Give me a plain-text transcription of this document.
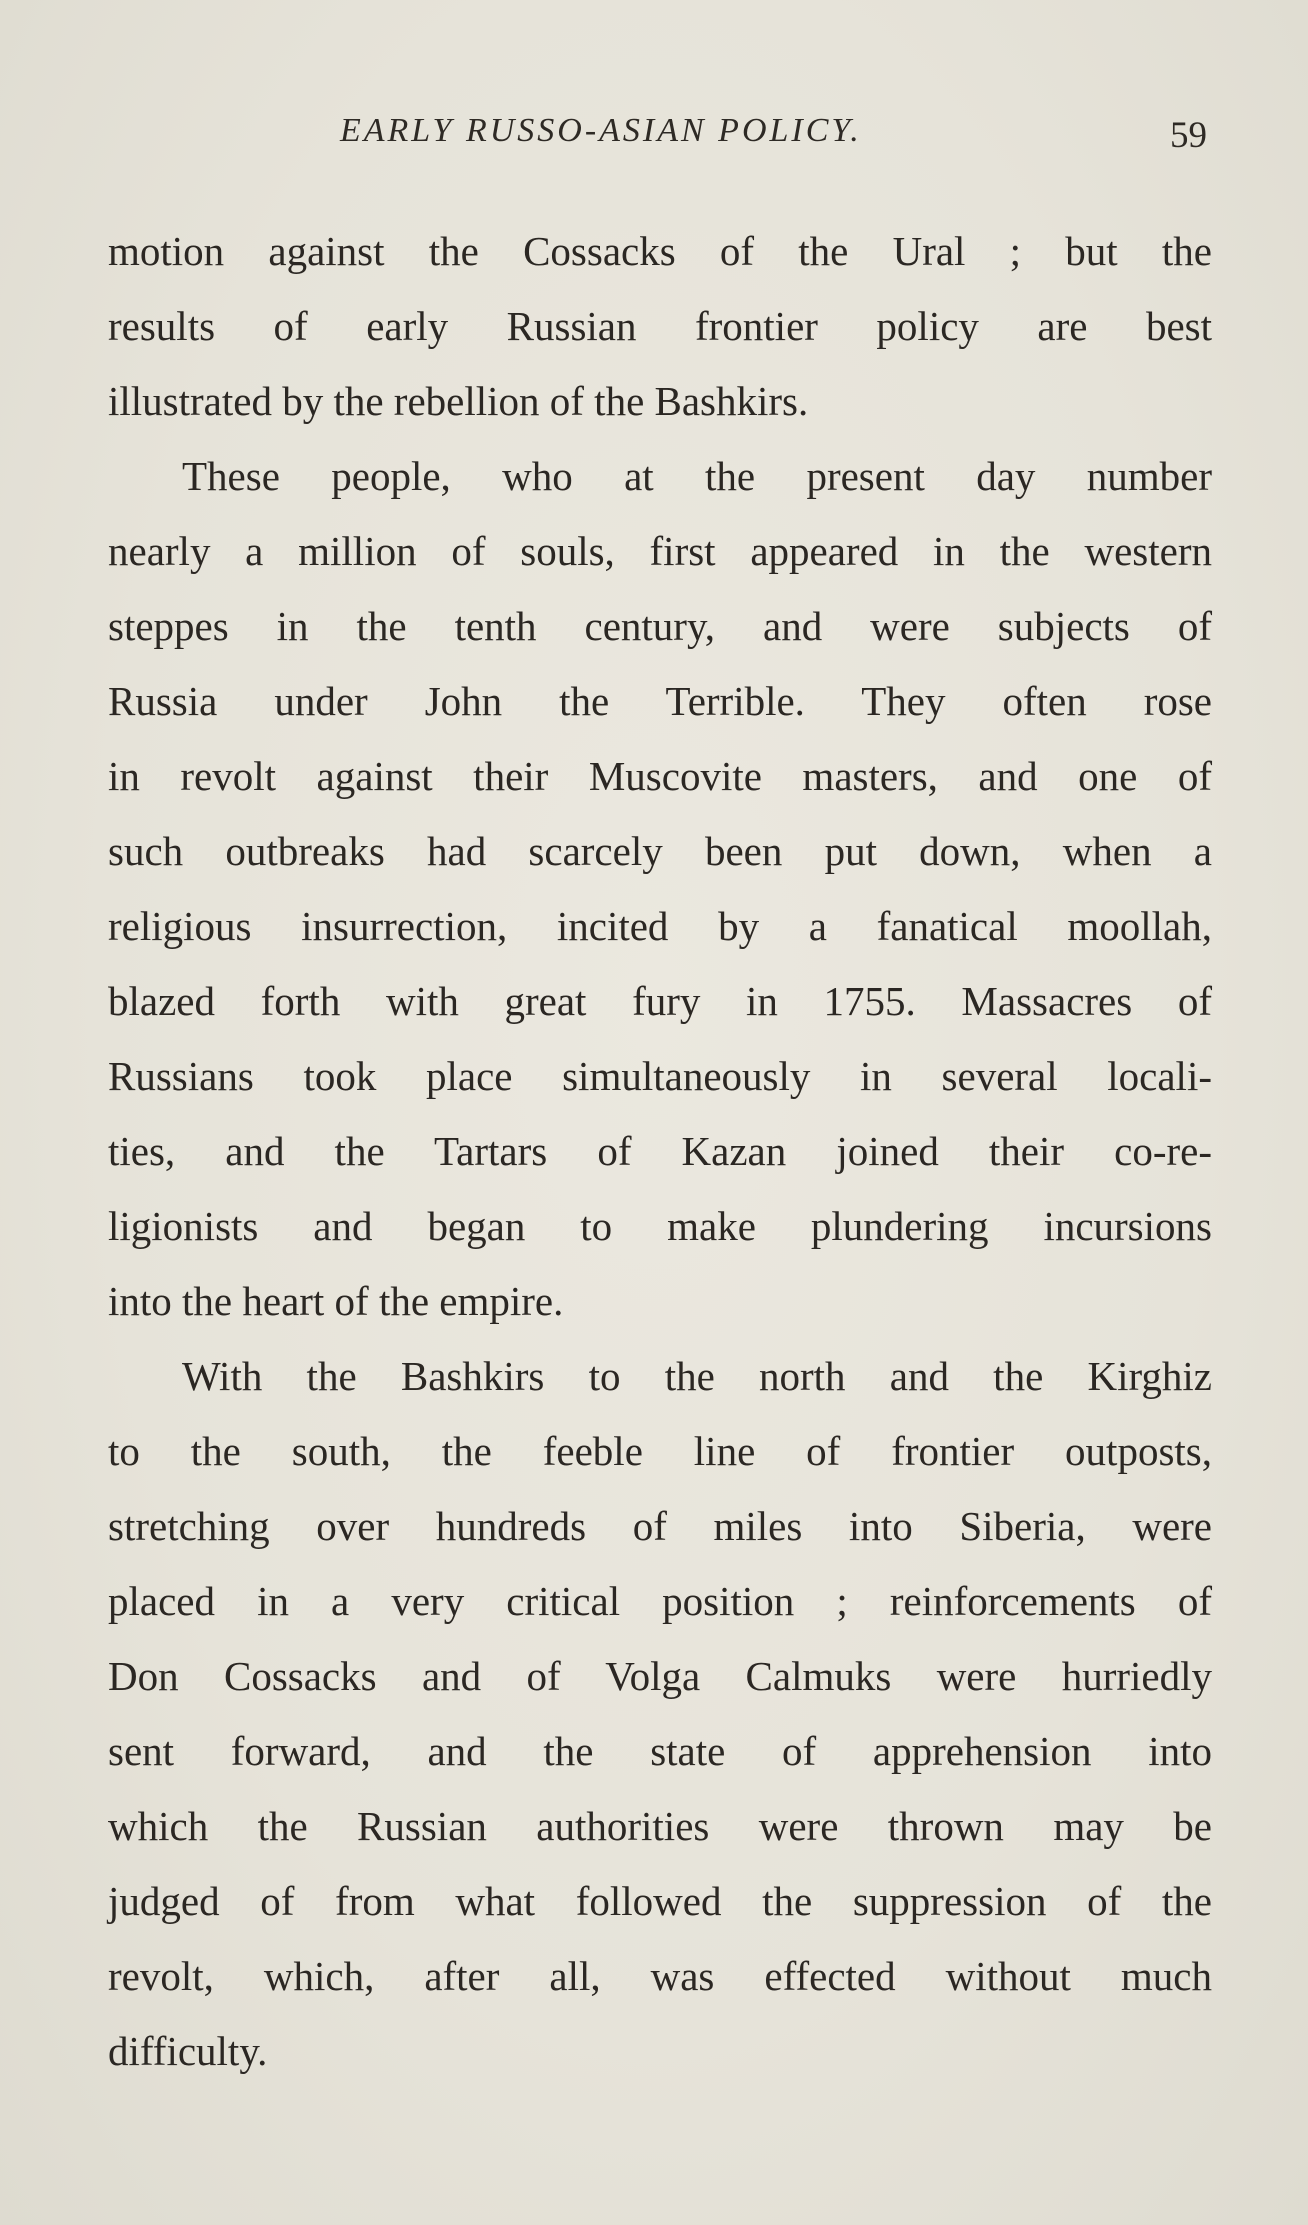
EARLY RUSSO-ASIAN POLICY.	59
motion against the Cossacks of the Ural ; but the
results of early Russian frontier policy are best
illustrated by the rebellion of the Bashkirs.
These people, who at the present day number
nearly a million of souls, first appeared in the western
steppes in the tenth century, and were subjects of
Russia under John the Terrible. They often rose
in revolt against their Muscovite masters, and one of
such outbreaks had scarcely been put down, when a
religious insurrection, incited by a fanatical moollah,
blazed forth with great fury in 1755. Massacres of
Russians took place simultaneously in several locali-
ties, and the Tartars of Kazan joined their co-re-
ligionists and began to make plundering incursions
into the heart of the empire.
With the Bashkirs to the north and the Kirghiz
to the south, the feeble line of frontier outposts,
stretching over hundreds of miles into Siberia, were
placed in a very critical position ; reinforcements of
Don Cossacks and of Volga Calmuks were hurriedly
sent forward, and the state of apprehension into
which the Russian authorities were thrown may be
judged of from what followed the suppression of the
revolt, which, after all, was effected without much
difficulty.
